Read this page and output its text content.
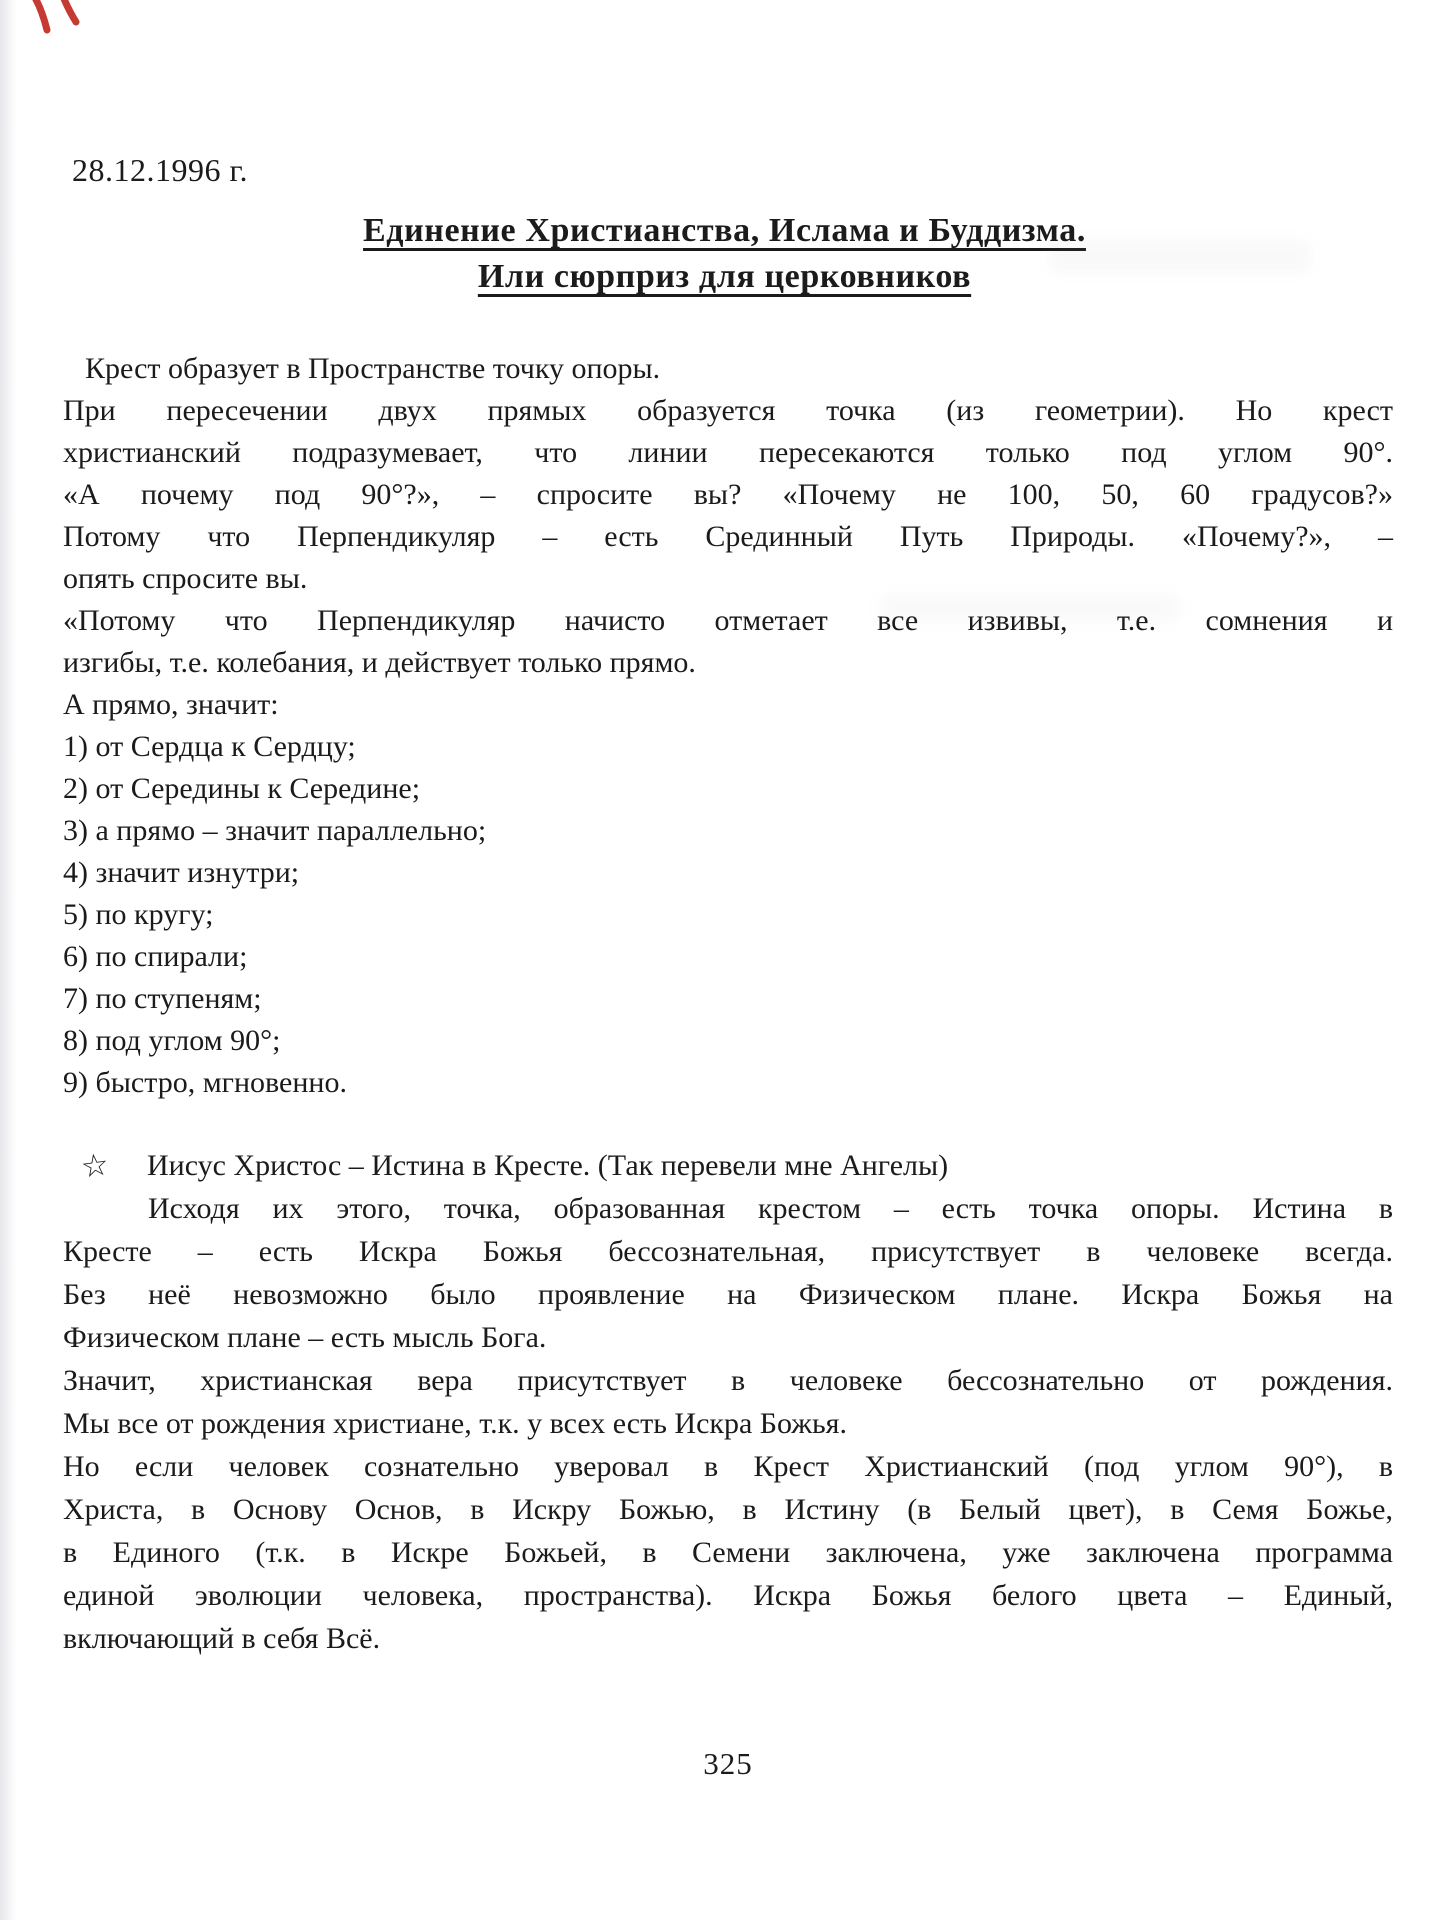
28.12.1996 г.
Единение Христианства, Ислама и Буддизма.
Или сюрприз для церковников
Крест образует в Пространстве точку опоры.
При пересечении двух прямых образуется точка (из геометрии). Но крест
христианский подразумевает, что линии пересекаются только под углом 90°.
«А почему под 90°?», – спросите вы? «Почему не 100, 50, 60 градусов?»
Потому что Перпендикуляр – есть Срединный Путь Природы. «Почему?», –
опять спросите вы.
«Потому что Перпендикуляр начисто отметает все извивы, т.е. сомнения и
изгибы, т.е. колебания, и действует только прямо.
А прямо, значит:
1) от Сердца к Сердцу;
2) от Середины к Середине;
3) а прямо – значит параллельно;
4) значит изнутри;
5) по кругу;
6) по спирали;
7) по ступеням;
8) под углом 90°;
9) быстро, мгновенно.

☆ Иисус Христос – Истина в Кресте. (Так перевели мне Ангелы)
Исходя их этого, точка, образованная крестом – есть точка опоры. Истина в
Кресте – есть Искра Божья бессознательная, присутствует в человеке всегда.
Без неё невозможно было проявление на Физическом плане. Искра Божья на
Физическом плане – есть мысль Бога.
Значит, христианская вера присутствует в человеке бессознательно от рождения.
Мы все от рождения христиане, т.к. у всех есть Искра Божья.
Но если человек сознательно уверовал в Крест Христианский (под углом 90°), в
Христа, в Основу Основ, в Искру Божью, в Истину (в Белый цвет), в Семя Божье,
в Единого (т.к. в Искре Божьей, в Семени заключена, уже заключена программа
единой эволюции человека, пространства). Искра Божья белого цвета – Единый,
включающий в себя Всё.
325
